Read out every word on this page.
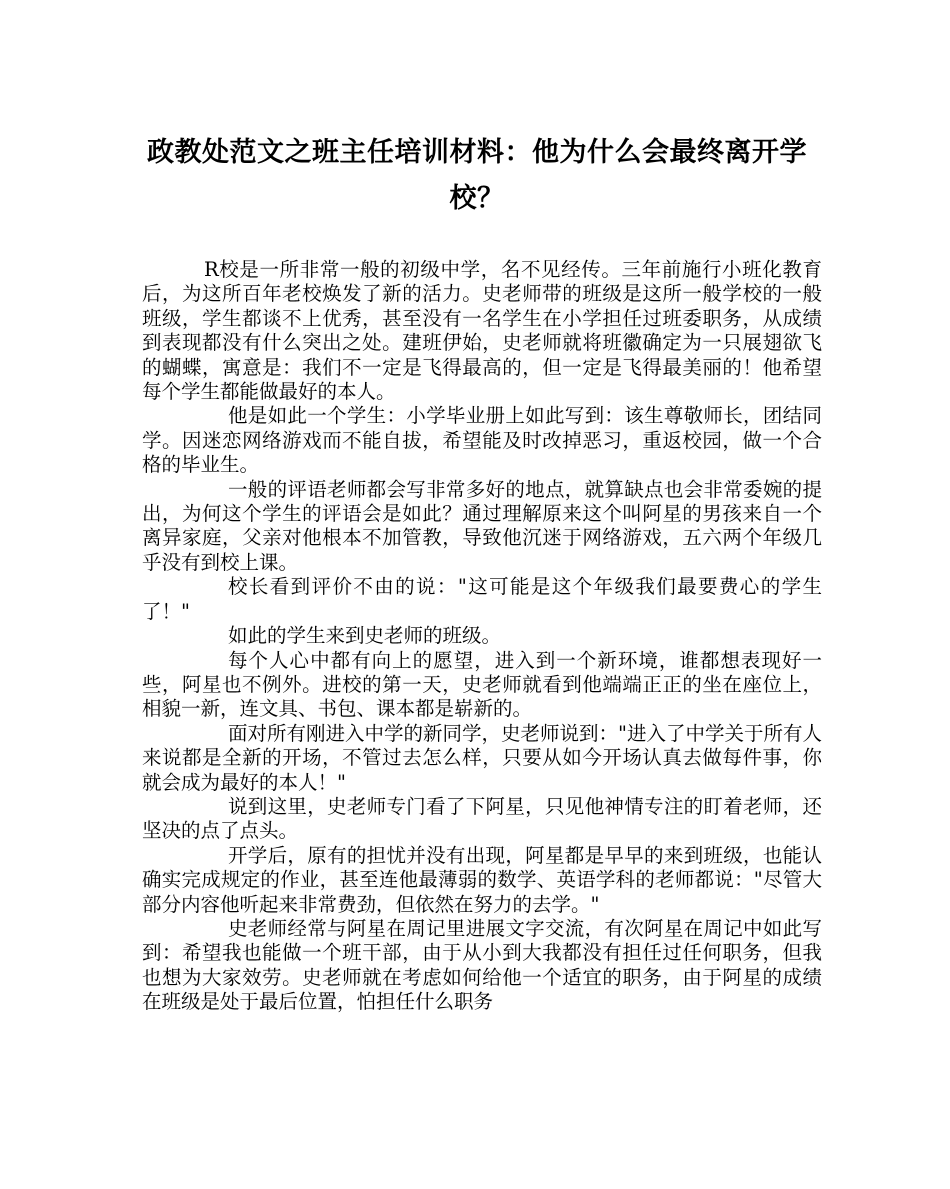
政教处范文之班主任培训材料：他为什么会最终离开学校？

R校是一所非常一般的初级中学，名不见经传。三年前施行小班化教育后，为这所百年老校焕发了新的活力。史老师带的班级是这所一般学校的一般班级，学生都谈不上优秀，甚至没有一名学生在小学担任过班委职务，从成绩到表现都没有什么突出之处。建班伊始，史老师就将班徽确定为一只展翅欲飞的蝴蝶，寓意是：我们不一定是飞得最高的，但一定是飞得最美丽的！他希望每个学生都能做最好的本人。

他是如此一个学生：小学毕业册上如此写到：该生尊敬师长，团结同学。因迷恋网络游戏而不能自拔，希望能及时改掉恶习，重返校园，做一个合格的毕业生。

一般的评语老师都会写非常多好的地点，就算缺点也会非常委婉的提出，为何这个学生的评语会是如此？通过理解原来这个叫阿星的男孩来自一个离异家庭，父亲对他根本不加管教，导致他沉迷于网络游戏，五六两个年级几乎没有到校上课。

校长看到评价不由的说："这可能是这个年级我们最要费心的学生了！"

如此的学生来到史老师的班级。

每个人心中都有向上的愿望，进入到一个新环境，谁都想表现好一些，阿星也不例外。进校的第一天，史老师就看到他端端正正的坐在座位上，相貌一新，连文具、书包、课本都是崭新的。

面对所有刚进入中学的新同学，史老师说到："进入了中学关于所有人来说都是全新的开场，不管过去怎么样，只要从如今开场认真去做每件事，你就会成为最好的本人！"

说到这里，史老师专门看了下阿星，只见他神情专注的盯着老师，还坚决的点了点头。

开学后，原有的担忧并没有出现，阿星都是早早的来到班级，也能认确实完成规定的作业，甚至连他最薄弱的数学、英语学科的老师都说："尽管大部分内容他听起来非常费劲，但依然在努力的去学。"

史老师经常与阿星在周记里进展文字交流，有次阿星在周记中如此写到：希望我也能做一个班干部，由于从小到大我都没有担任过任何职务，但我也想为大家效劳。史老师就在考虑如何给他一个适宜的职务，由于阿星的成绩在班级是处于最后位置，怕担任什么职务
